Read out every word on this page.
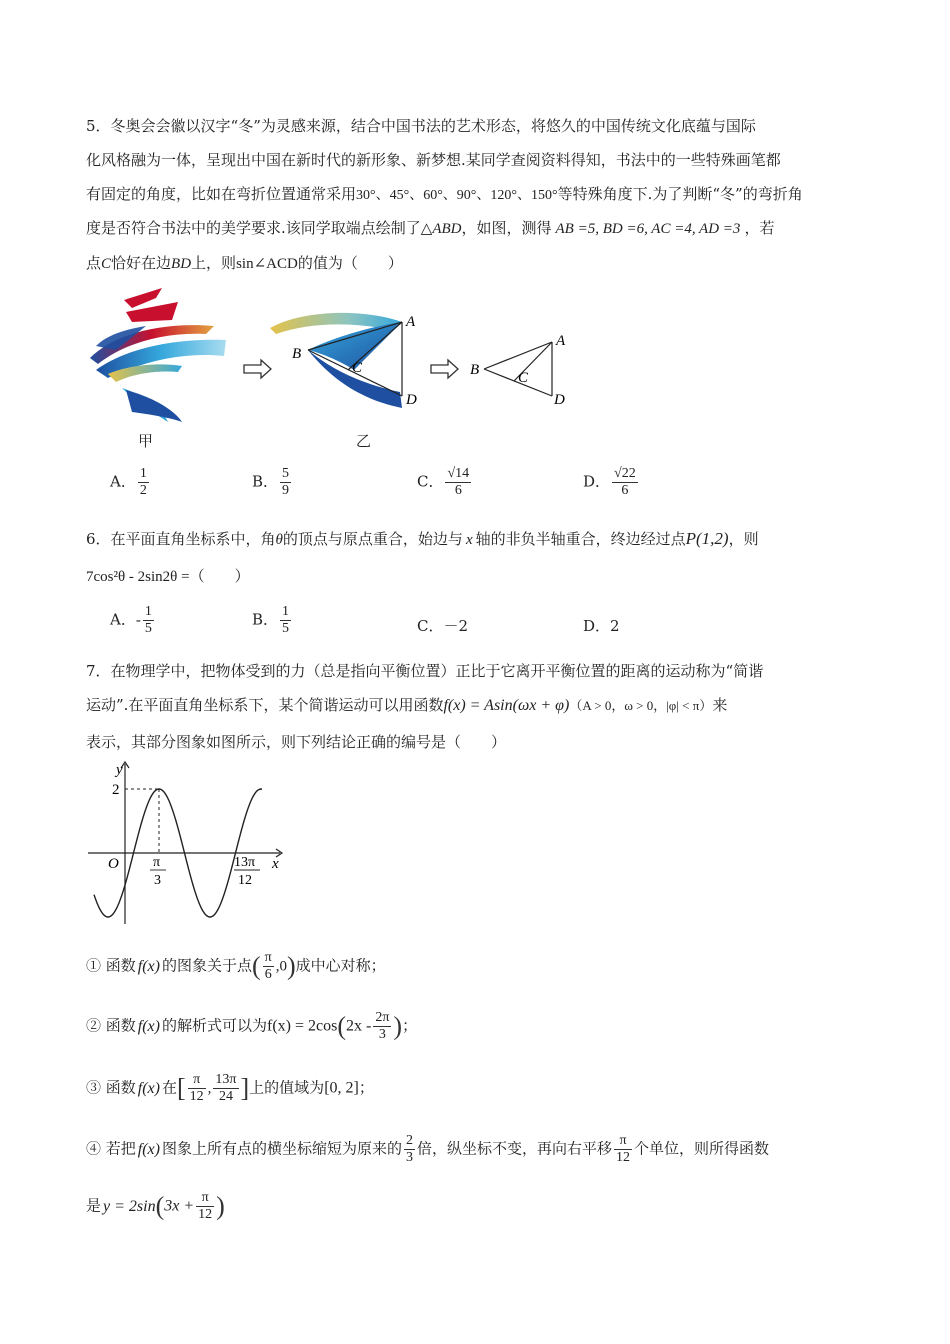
5．冬奥会会徽以汉字“冬”为灵感来源，结合中国书法的艺术形态，将悠久的中国传统文化底蕴与国际
化风格融为一体，呈现出中国在新时代的新形象、新梦想.某同学查阅资料得知，书法中的一些特殊画笔都
有固定的角度，比如在弯折位置通常采用30°、45°、60°、90°、120°、150°等特殊角度下.为了判断“冬”的弯折角
度是否符合书法中的美学要求.该同学取端点绘制了△ABD，如图，测得 AB =5, BD =6, AC =4, AD =3 ，若
点C恰好在边BD上，则sin∠ACD的值为（　　）
甲
A
B
C
D
乙
A
B	C
D
A． $\frac{1}{2}$	B． $\frac{5}{9}$	C． $\frac{√14}{6}$	D． $\frac{√22}{6}$
6．在平面直角坐标系中，角θ的顶点与原点重合，始边与 x 轴的非负半轴重合，终边经过点P(1,2)，则
7cos²θ - 2sin2θ =（　　）
A．- $\frac{1}{5}$	B． $\frac{1}{5}$	C．－2	D．2
7．在物理学中，把物体受到的力（总是指向平衡位置）正比于它离开平衡位置的距离的运动称为“简谐
运动”.在平面直角坐标系下，某个简谐运动可以用函数f(x) = Asin(ωx + φ)（A > 0，ω > 0，|φ| < π）来
表示，其部分图象如图所示，则下列结论正确的编号是（　　）
y
x
O
2
π
3
13π
12
① 函数 f(x) 的图象关于点( $\frac{\pi}{6} ,0$)成中心对称；
② 函数 f(x) 的解析式可以为$f(x) = 2\cos(2x - \frac{2\pi}{3}$ )；
③ 函数 f(x) 在[ $\frac{\pi}{12}$ , $\frac{13\pi}{24}$ ]上的值域为[0, 2]；
④ 若把 f(x) 图象上所有点的横坐标缩短为原来的 $\frac{2}{3}$ 倍，纵坐标不变，再向右平移 $\frac{\pi}{12}$ 个单位，则所得函数
是 $y = 2\sin(3x + \frac{\pi}{12}$ )
